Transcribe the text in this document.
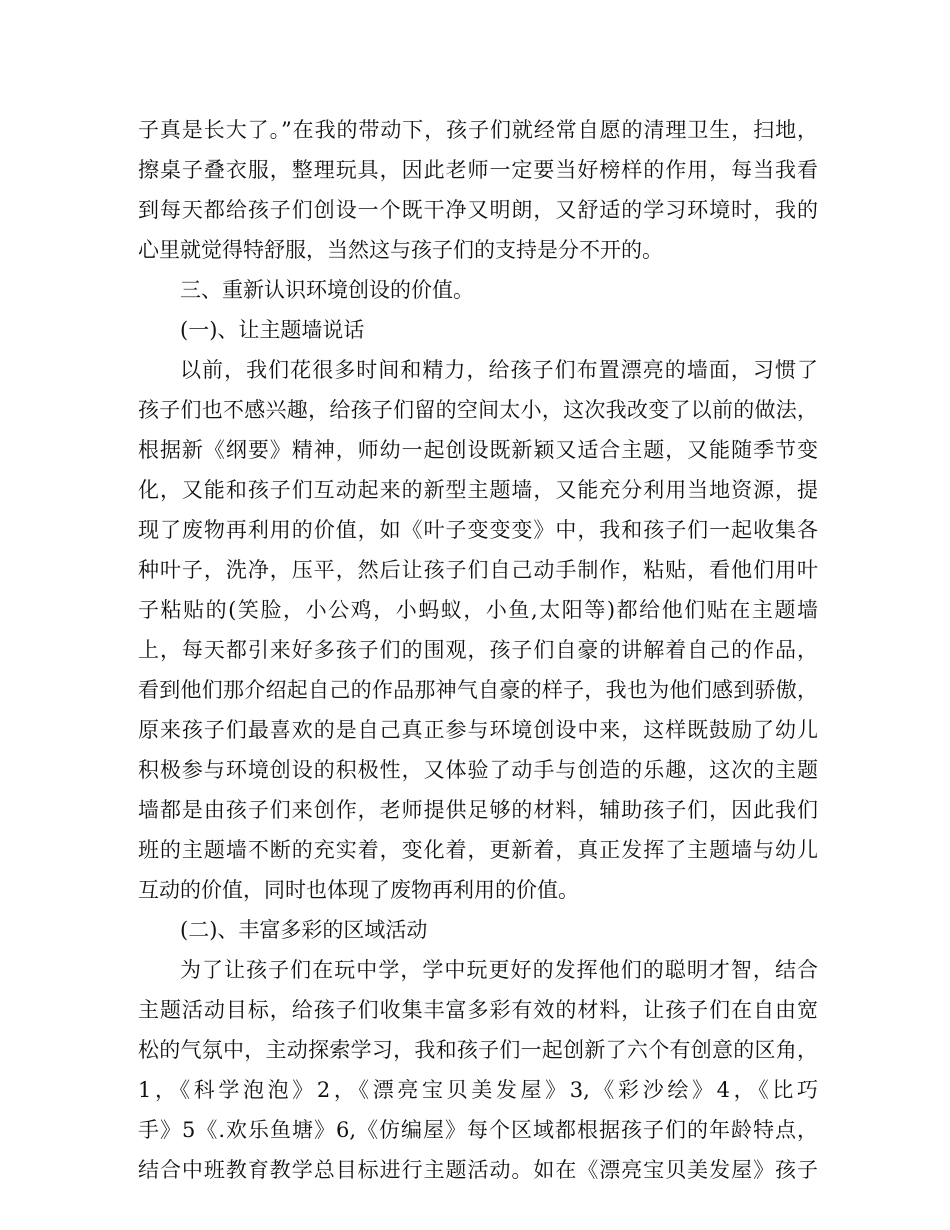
子真是长大了。”在我的带动下，孩子们就经常自愿的清理卫生，扫地，
擦桌子叠衣服，整理玩具，因此老师一定要当好榜样的作用，每当我看
到每天都给孩子们创设一个既干净又明朗，又舒适的学习环境时，我的
心里就觉得特舒服，当然这与孩子们的支持是分不开的。
三、重新认识环境创设的价值。
(一)、让主题墙说话
以前，我们花很多时间和精力，给孩子们布置漂亮的墙面，习惯了
孩子们也不感兴趣，给孩子们留的空间太小，这次我改变了以前的做法，
根据新《纲要》精神，师幼一起创设既新颖又适合主题，又能随季节变
化，又能和孩子们互动起来的新型主题墙，又能充分利用当地资源，提
现了废物再利用的价值，如《叶子变变变》中，我和孩子们一起收集各
种叶子，洗净，压平，然后让孩子们自己动手制作，粘贴，看他们用叶
子粘贴的(笑脸，小公鸡，小蚂蚁，小鱼,太阳等)都给他们贴在主题墙
上，每天都引来好多孩子们的围观，孩子们自豪的讲解着自己的作品，
看到他们那介绍起自己的作品那神气自豪的样子，我也为他们感到骄傲，
原来孩子们最喜欢的是自己真正参与环境创设中来，这样既鼓励了幼儿
积极参与环境创设的积极性，又体验了动手与创造的乐趣，这次的主题
墙都是由孩子们来创作，老师提供足够的材料，辅助孩子们，因此我们
班的主题墙不断的充实着，变化着，更新着，真正发挥了主题墙与幼儿
互动的价值，同时也体现了废物再利用的价值。
(二)、丰富多彩的区域活动
为了让孩子们在玩中学，学中玩更好的发挥他们的聪明才智，结合
主题活动目标，给孩子们收集丰富多彩有效的材料，让孩子们在自由宽
松的气氛中，主动探索学习，我和孩子们一起创新了六个有创意的区角，
1，《科学泡泡》2，《漂亮宝贝美发屋》3,《彩沙绘》4，《比巧
手》5《.欢乐鱼塘》6,《仿编屋》每个区域都根据孩子们的年龄特点，
结合中班教育教学总目标进行主题活动。如在《漂亮宝贝美发屋》孩子
